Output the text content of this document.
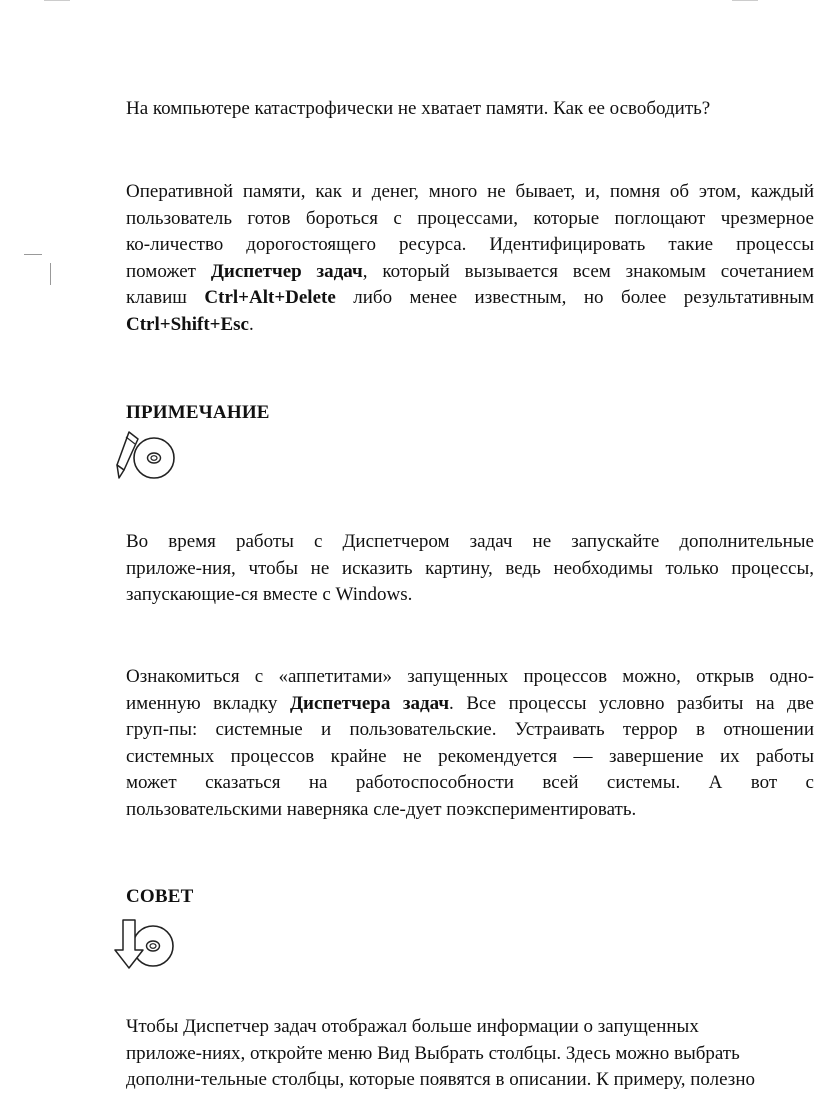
На компьютере катастрофически не хватает памяти. Как ее освободить?

Оперативной памяти, как и денег, много не бывает, и, помня об этом, каждый
пользователь готов бороться с процессами, которые поглощают чрезмерное
ко-личество дорогостоящего ресурса. Идентифицировать такие процессы
поможет Диспетчер задач, который вызывается всем знакомым сочетанием
клавиш Ctrl+Alt+Delete либо менее известным, но более результативным
Ctrl+Shift+Esc.

ПРИМЕЧАНИЕ

Во время работы с Диспетчером задач не запускайте дополнительные
приложе-ния, чтобы не исказить картину, ведь необходимы только процессы,
запускающие-ся вместе с Windows.
Ознакомиться с «аппетитами» запущенных процессов можно, открыв одно-
именную вкладку Диспетчера задач. Все процессы условно разбиты на две
груп-пы: системные и пользовательские. Устраивать террор в отношении
системных процессов крайне не рекомендуется — завершение их работы
может сказаться на работоспособности всей системы. А вот с
пользовательскими наверняка сле-дует поэкспериментировать.

СОВЕТ

Чтобы Диспетчер задач отображал больше информации о запущенных
приложе-ниях, откройте меню Вид Выбрать столбцы. Здесь можно выбрать
дополни-тельные столбцы, которые появятся в описании. К примеру, полезно
